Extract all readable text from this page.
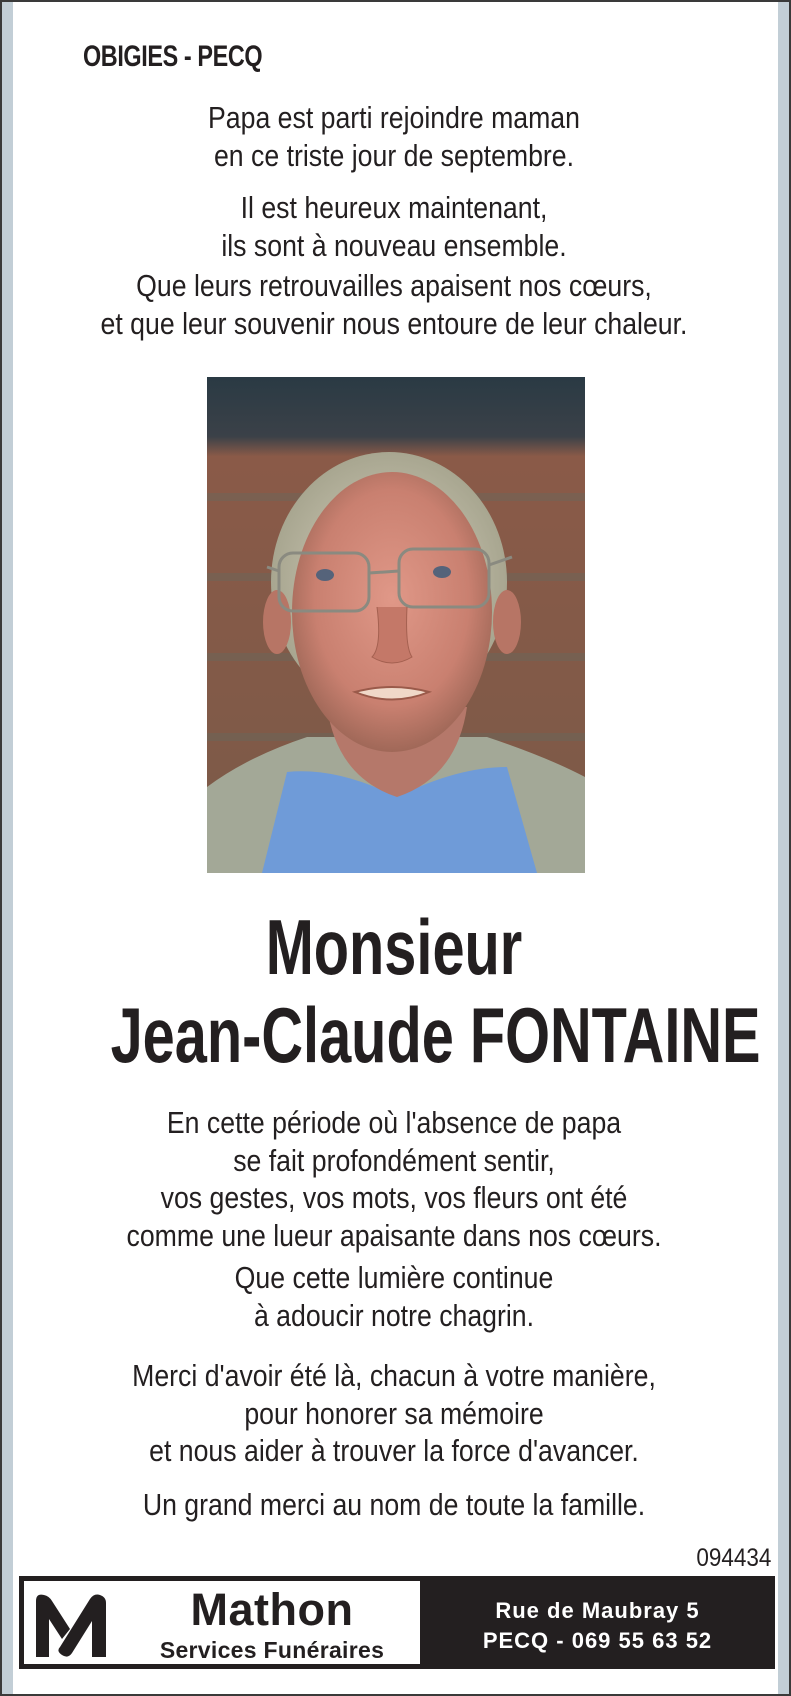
OBIGIES - PECQ
Papa est parti rejoindre maman
en ce triste jour de septembre.
Il est heureux maintenant,
ils sont à nouveau ensemble.
Que leurs retrouvailles apaisent nos cœurs,
et que leur souvenir nous entoure de leur chaleur.
Monsieur
Jean-Claude FONTAINE
En cette période où l'absence de papa
se fait profondément sentir,
vos gestes, vos mots, vos fleurs ont été
comme une lueur apaisante dans nos cœurs.
Que cette lumière continue
à adoucir notre chagrin.
Merci d'avoir été là, chacun à votre manière,
pour honorer sa mémoire
et nous aider à trouver la force d'avancer.
Un grand merci au nom de toute la famille.
094434
Mathon
Services Funéraires
Rue de Maubray 5
PECQ - 069 55 63 52
